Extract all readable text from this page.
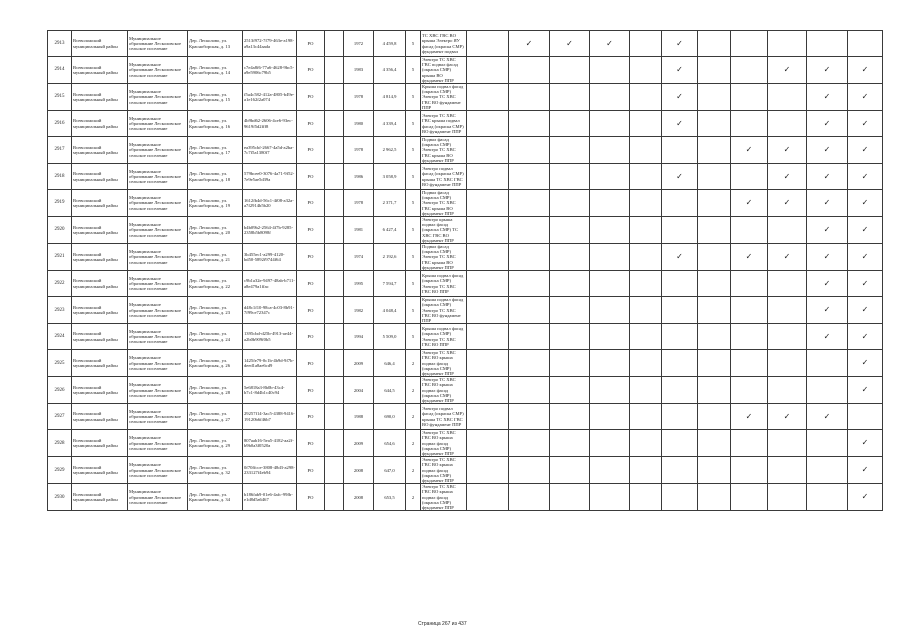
2913	Всеволожский муниципальный район	Муниципальное образование Лесколовское сельское поселение	Дер. Лесколово, ул. Красноборская, д. 13	2513f972-7f79-463e-a198-a9a13c44aada	РО		1972	4 459,8	5	ТС ХВС ГВС ВО крыша Электро ЯУ фасад (окраска СМР) фундамент подвал		✓	✓	✓		✓					
2914	Всеволожский муниципальный район	Муниципальное образование Лесколовское сельское поселение	Дер. Лесколово, ул. Красноборская, д. 14	c7e4a8f6-77a6-4628-9bc5-a9e5906c79b5	РО		1983	4 356,4	5	Электро ТС ХВС ГВС подвал фасад (окраска СМР) крыша ВО фундамент ППР						✓			✓	✓	✓
2915	Всеволожский муниципальный район	Муниципальное образование Лесколовское сельское поселение	Дер. Лесколово, ул. Красноборская, д. 15	f5a4c582-412a-4805-b49e-a1e162f2a074	РО		1978	4 814,9	5	Крыша подвал фасад (окраска СМР) Электро ТС ХВС ГВС ВО фундамент ППР						✓				✓	✓
2916	Всеволожский муниципальный район	Муниципальное образование Лесколовское сельское поселение	Дер. Лесколово, ул. Красноборская, д. 16	4b9bd62-2606-4ce6-93ec-9619f5d2fff8	РО		1980	4 339,4	5	Электро ТС ХВС ГВС крыша подвал фасад (окраска СМР) ВО фундамент ППР						✓				✓	✓
2917	Всеволожский муниципальный район	Муниципальное образование Лесколовское сельское поселение	Дер. Лесколово, ул. Красноборская, д. 17	ea395cbf-2667-4a5d-a2ba-7c7f5a1380f7	РО		1978	2 962,5	5	Подвал фасад (окраска СМР) Электро ТС ХВС ГВС крыша ВО фундамент ППР								✓	✓	✓	✓
2918	Всеволожский муниципальный район	Муниципальное образование Лесколовское сельское поселение	Дер. Лесколово, ул. Красноборская, д. 18	579bcee0-3076-4a71-9f52-7e9e5ae5d39a	РО		1986	3 058,9	5	Электро подвал фасад (окраска СМР) крыша ТС ХВС ГВС ВО фундамент ППР						✓			✓	✓	✓
2919	Всеволожский муниципальный район	Муниципальное образование Лесколовское сельское поселение	Дер. Лесколово, ул. Красноборская, д. 19	1612fb4d-56c1-4f08-a32a-a7f2914b5b20	РО		1978	2 371,7	5	Подвал фасад (окраска СМР) Электро ТС ХВС ГВС крыша ВО фундамент ППР								✓	✓	✓	✓
2920	Всеволожский муниципальный район	Муниципальное образование Лесколовское сельское поселение	Дер. Лесколово, ул. Красноборская, д. 20	b4b09b2-2564-4f7b-9285-2358b5b8098f	РО		1981	6 427,4	5	Электро крыша подвал фасад (окраска СМР) ТС ХВС ГВС ВО фундамент ППР										✓	✓
2921	Всеволожский муниципальный район	Муниципальное образование Лесколовское сельское поселение	Дер. Лесколово, ул. Красноборская, д. 21	3b455ec1-a299-4120-bd50-5892f9744f64	РО		1974	2 192,6	5	Подвал фасад (окраска СМР) Электро ТС ХВС ГВС крыша ВО фундамент ППР						✓		✓	✓	✓	✓
2922	Всеволожский муниципальный район	Муниципальное образование Лесколовское сельское поселение	Дер. Лесколово, ул. Красноборская, д. 22	c9b1a32e-9497-48ab-b711-a8e479a1ffac	РО		1995	7 594,7	5	Крыша подвал фасад (окраска СМР) Электро ТС ХВС ГВС ВО ППР										✓	✓
2923	Всеволожский муниципальный район	Муниципальное образование Лесколовское сельское поселение	Дер. Лесколово, ул. Красноборская, д. 23	d48c1f10-98ca-4c03-8b91-7f99ce72347c	РО		1982	4 048,4	5	Крыша подвал фасад (окраска СМР) Электро ТС ХВС ГВС ВО фундамент ППР										✓	✓
2924	Всеволожский муниципальный район	Муниципальное образование Лесколовское сельское поселение	Дер. Лесколово, ул. Красноборская, д. 24	1395cbd-d25b-4913-ae44-a2b0b909f0b5	РО		1994	5 509,0	5	Крыша подвал фасад (окраска СМР) Электро ТС ХВС ГВС ВО ППР										✓	✓
2925	Всеволожский муниципальный район	Муниципальное образование Лесколовское сельское поселение	Дер. Лесколово, ул. Красноборская, д. 26	1425fe79-0c1b-4b9d-9f7b-deed1a8ae6cd9	РО		2009	646,4	2	Электро ТС ХВС ГВС ВО крыша подвал фасад (окраска СМР) фундамент ППР											✓
2926	Всеволожский муниципальный район	Муниципальное образование Лесколовское сельское поселение	Дер. Лесколово, ул. Красноборская, д. 28	5e6818a3-8b0b-43c4-b7c1-8d4b1c40c94	РО		2004	644,5	2	Электро ТС ХВС ГВС ВО крыша подвал фасад (окраска СМР) фундамент ППР											✓
2927	Всеволожский муниципальный район	Муниципальное образование Лесколовское сельское поселение	Дер. Лесколово, ул. Красноборская, д. 27	29257f14-3ac5-4388-9416-19120b6f46b7	РО		1988	690,0	2	Электро подвал фасад (окраска СМР) крыша ТС ХВС ГВС ВО фундамент ППР								✓	✓	✓	
2928	Всеволожский муниципальный район	Муниципальное образование Лесколовское сельское поселение	Дер. Лесколово, ул. Красноборская, д. 29	807aab16-5ea5-4182-aa2f-b9b0a3f0520a	РО		2009	654,6	2	Электро ТС ХВС ГВС ВО крыша подвал фасад (окраска СМР) фундамент ППР											✓
2929	Всеволожский муниципальный район	Муниципальное образование Лесколовское сельское поселение	Дер. Лесколово, ул. Красноборская, д. 32	0f70ffcce-3808-48d3-a298-233127f4eb94	РО		2008	647,0	2	Электро ТС ХВС ГВС ВО крыша подвал фасад (окраска СМР) фундамент ППР											✓
2930	Всеволожский муниципальный район	Муниципальное образование Лесколовское сельское поселение	Дер. Лесколово, ул. Красноборская, д. 34	b186fab9-01e6-4afc-99fb-e1d8d5a6467	РО		2008	653,5	2	Электро ТС ХВС ГВС ВО крыша подвал фасад (окраска СМР) фундамент ППР											✓
Страница 267 из 437
